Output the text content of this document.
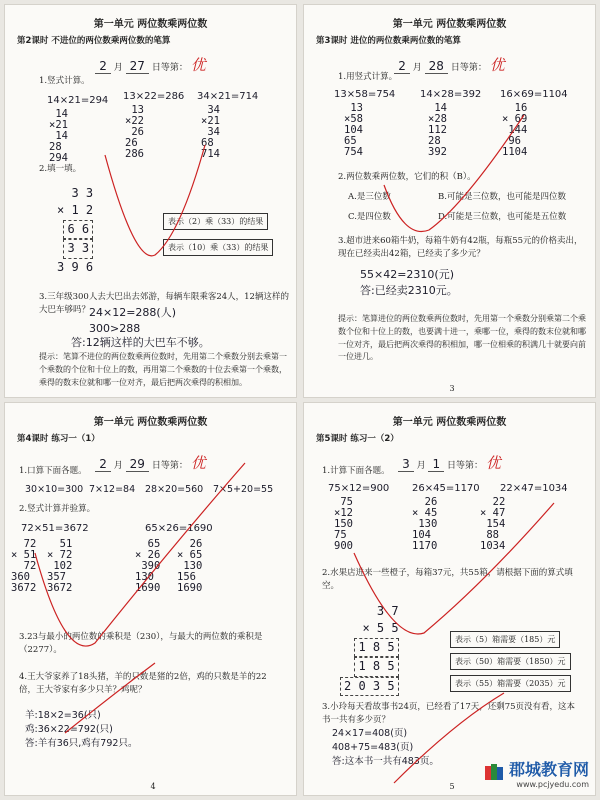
第一单元 两位数乘两位数
第2课时 不进位的两位数乘两位数的笔算
2 月 27 日等第： 优
1.竖式计算。
14×21=294 13×22=286 34×21=714
14
×21
14
28
294
13
×22
26
26
286
34
×21
34
68
714
2.填一填。
3 3
× 1 2
6 6
3 3
3 9 6
表示（2）乘（33）的结果
表示（10）乘（33）的结果
3.三年级300人去大巴出去郊游，每辆车限乘客24人，12辆这样的大巴车够吗？
24×12=288(人)
300>288
答:12辆这样的大巴车不够。
提示：笔算不进位的两位数乘两位数时，先用第二个乘数分别去乘第一个乘数的个位和十位上的数，再用第二个乘数的十位去乘第一个乘数，乘得的数末位就和哪一位对齐，最后把两次乘得的积相加。
第一单元 两位数乘两位数
第3课时 进位的两位数乘两位数的笔算
2 月 28 日等第： 优
1.用竖式计算。
13×58=754 14×28=392 16×69=1104
13
×58
104
65
754
14
×28
112
28
392
16
× 69
144
96
1104
2.两位数乘两位数，它们的积（B）。
A.是三位数	B.可能是三位数，也可能是四位数
C.是四位数	D.可能是三位数，也可能是五位数
3.超市进来60箱牛奶，每箱牛奶有42瓶，每瓶55元的价格卖出，现在已经卖出42箱，已经卖了多少元？
55×42=2310(元)
答:已经卖2310元。
提示：笔算进位的两位数乘两位数时，先用第一个乘数分别乘第二个乘数个位和十位上的数，也要满十进一，乘哪一位，乘得的数末位就和哪一位对齐，最后把两次乘得的积相加，哪一位相乘的积满几十就要向前一位进几。
3
第一单元 两位数乘两位数
第4课时 练习一（1）
2 月 29 日等第： 优
1.口算下面各题。
30×10=300 7×12=84 28×20=560 7×5+20=55
2.竖式计算并验算。
72×51=3672	65×26=1690
72
× 51
72
360
3672
51
× 72
102
357
3672
65
× 26
390
130
1690
26
× 65
130
156
1690
3.23与最小的两位数的乘积是（230），与最大的两位数的乘积是（2277）。
4.王大爷家养了18头猪，羊的只数是猪的2倍，鸡的只数是羊的22倍，王大爷家有多少只羊？鸡呢？
羊:18×2=36(只)
鸡:36×22=792(只)
答:羊有36只,鸡有792只。
4
第一单元 两位数乘两位数
第5课时 练习一（2）
3 月 1 日等第： 优
1.计算下面各题。
75×12=900 26×45=1170 22×47=1034
75
×12
150
75
900
26
× 45
130
104
1170
22
× 47
154
88
1034
2.水果店进来一些橙子，每箱37元，共55箱，请根据下面的算式填空。
3 7
× 5 5
1 8 5
1 8 5
2 0 3 5
表示（5）箱需要（185）元
表示（50）箱需要（1850）元
表示（55）箱需要（2035）元
3.小玲每天看故事书24页，已经看了17天，还剩75页没有看，这本书一共有多少页？
24×17=408(页)
408+75=483(页)
答:这本书一共有483页。
5
郡城教育网
www.pcjyedu.com
